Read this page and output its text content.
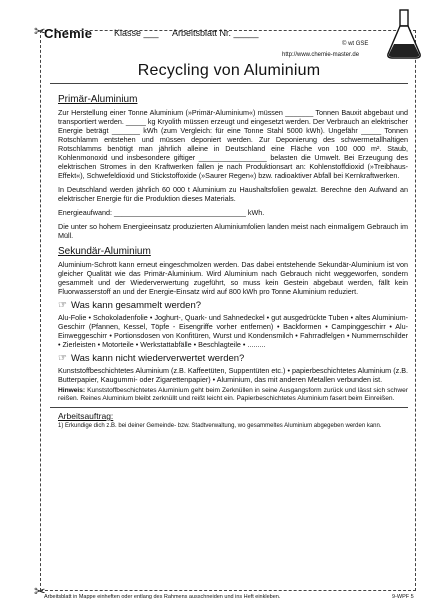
✂
✂
Chemie Klasse ___ Arbeitsblatt Nr. _____
© wt GSE
http://www.chemie-master.de
Recycling von Aluminium
Primär-Aluminium

Zur Herstellung einer Tonne Aluminium (»Primär-Aluminium«) müssen _______ Tonnen Bauxit abgebaut und transportiert werden. _____ kg Kryolith müssen erzeugt und eingesetzt werden. Der Verbrauch an elektrischer Energie beträgt _______ kWh (zum Vergleich: für eine Tonne Stahl 5000 kWh). Ungefähr _____ Tonnen Rotschlamm entstehen und müssen deponiert werden. Zur Deponierung des schwermetallhaltigen Rotschlamms benötigt man jährlich alleine in Deutschland eine Fläche von 100 000 m². Staub, Kohlenmonoxid und insbesondere giftiger _________________ belasten die Umwelt. Bei Erzeugung des elektrischen Stromes in den Kraftwerken fallen je nach Produktionsart an: Kohlenstoffdioxid (»Treibhaus-Effekt«), Schwefeldioxid und Stickstoffoxide (»Saurer Regen«) bzw. radioaktiver Abfall bei Kernkraftwerken.

In Deutschland werden jährlich 60 000 t Aluminium zu Haushaltsfolien gewalzt. Berechne den Aufwand an elektrischer Energie für die Produktion dieses Materials.

Energieaufwand: _________________________________ kWh.

Die unter so hohem Energieeinsatz produzierten Aluminiumfolien landen meist nach einmaligem Gebrauch im Müll.

Sekundär-Aluminium

Aluminium-Schrott kann erneut eingeschmolzen werden. Das dabei entstehende Sekundär-Aluminium ist von gleicher Qualität wie das Primär-Aluminium. Wird Aluminium nach Gebrauch nicht weggeworfen, sondern gesammelt und der Wiederverwertung zugeführt, so muss kein Gestein abgebaut werden, fällt kein Fluorwasserstoff an und der Energie-Einsatz wird auf 800 kWh pro Tonne Aluminium reduziert.

☞ Was kann gesammelt werden?

Alu-Folie • Schokoladenfolie • Joghurt-, Quark- und Sahnedeckel • gut ausgedrückte Tuben • altes Aluminium-Geschirr (Pfannen, Kessel, Töpfe - Eisengriffe vorher entfernen) • Backformen • Campinggeschirr • Alu-Einweggeschirr • Portionsdosen von Konfitüren, Wurst und Kondensmilch • Fahrradfelgen • Nummernschilder • Zierleisten • Motorteile • Werkstattabfälle • Beschlagteile • .........

☞ Was kann nicht wiederverwertet werden?

Kunststoffbeschichtetes Aluminium (z.B. Kaffeetüten, Suppentüten etc.) • papierbeschichtetes Aluminium (z.B. Butterpapier, Kaugummi- oder Zigarettenpapier) • Aluminium, das mit anderen Metallen verbunden ist.

Hinweis: Kunststoffbeschichtetes Aluminium geht beim Zerknüllen in seine Ausgangsform zurück und lässt sich schwer reißen. Reines Aluminium bleibt zerknüllt und reißt leicht ein. Papierbeschichtetes Aluminium fasert beim Einreißen.

Arbeitsauftrag:
1) Erkundige dich z.B. bei deiner Gemeinde- bzw. Stadtverwaltung, wo gesammeltes Aluminium abgegeben werden kann.
Arbeitsblatt in Mappe einheften oder entlang des Rahmens ausschneiden und ins Heft einkleben.	9-WPF 5
